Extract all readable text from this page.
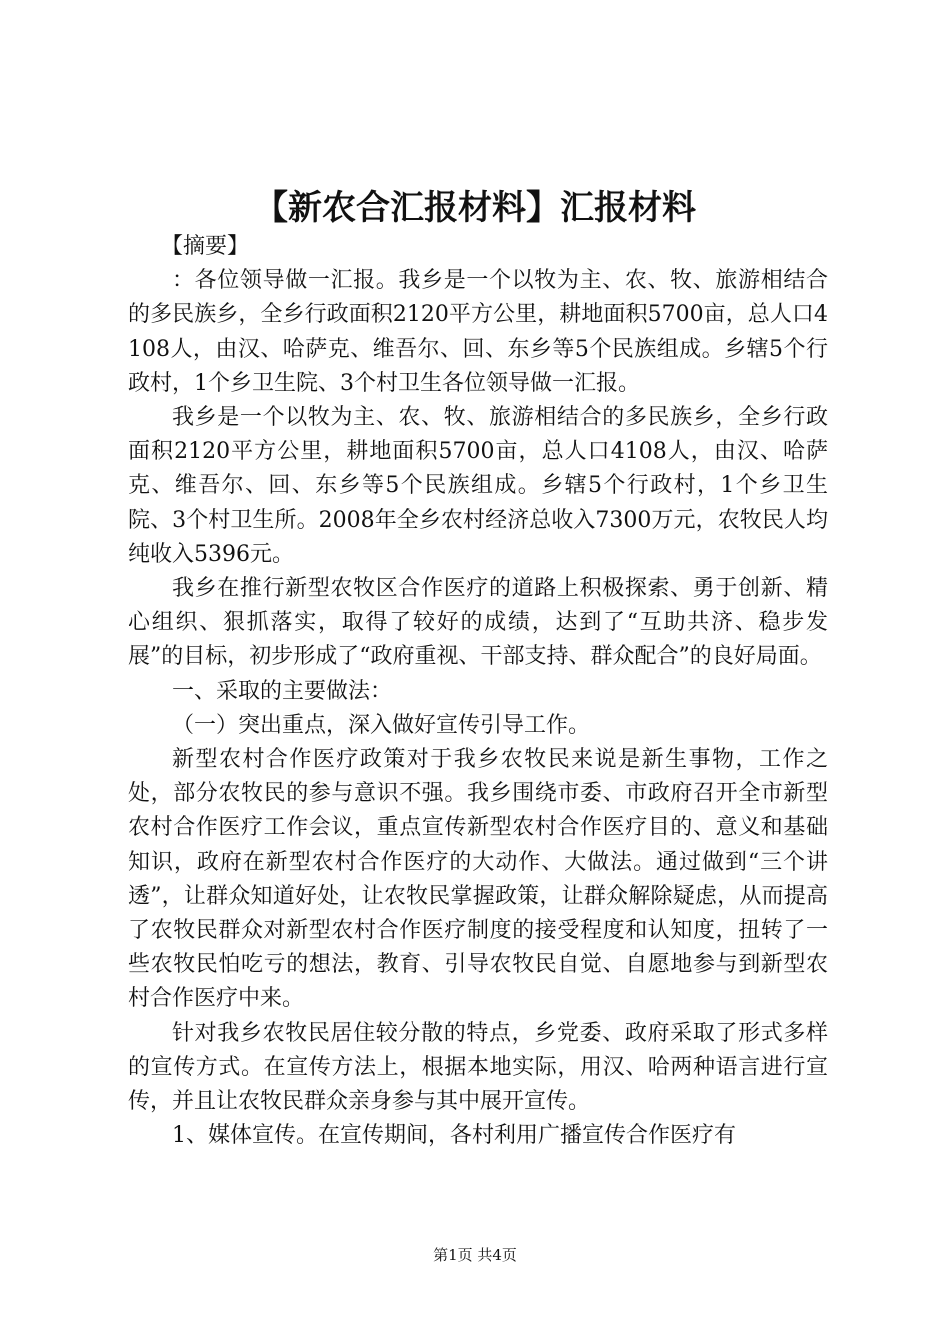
【新农合汇报材料】汇报材料

【摘要】

：各位领导做一汇报。我乡是一个以牧为主、农、牧、旅游相结合的多民族乡，全乡行政面积2120平方公里，耕地面积5700亩，总人口4108人，由汉、哈萨克、维吾尔、回、东乡等5个民族组成。乡辖5个行政村，1个乡卫生院、3个村卫生各位领导做一汇报。

我乡是一个以牧为主、农、牧、旅游相结合的多民族乡，全乡行政面积2120平方公里，耕地面积5700亩，总人口4108人，由汉、哈萨克、维吾尔、回、东乡等5个民族组成。乡辖5个行政村，1个乡卫生院、3个村卫生所。2008年全乡农村经济总收入7300万元，农牧民人均纯收入5396元。

我乡在推行新型农牧区合作医疗的道路上积极探索、勇于创新、精心组织、狠抓落实，取得了较好的成绩，达到了“互助共济、稳步发展”的目标，初步形成了“政府重视、干部支持、群众配合”的良好局面。

一、采取的主要做法：

（一）突出重点，深入做好宣传引导工作。

新型农村合作医疗政策对于我乡农牧民来说是新生事物，工作之处，部分农牧民的参与意识不强。我乡围绕市委、市政府召开全市新型农村合作医疗工作会议，重点宣传新型农村合作医疗目的、意义和基础知识，政府在新型农村合作医疗的大动作、大做法。通过做到“三个讲透”，让群众知道好处，让农牧民掌握政策，让群众解除疑虑，从而提高了农牧民群众对新型农村合作医疗制度的接受程度和认知度，扭转了一些农牧民怕吃亏的想法，教育、引导农牧民自觉、自愿地参与到新型农村合作医疗中来。

针对我乡农牧民居住较分散的特点，乡党委、政府采取了形式多样的宣传方式。在宣传方法上，根据本地实际，用汉、哈两种语言进行宣传，并且让农牧民群众亲身参与其中展开宣传。

1、媒体宣传。在宣传期间，各村利用广播宣传合作医疗有

第1页 共4页
